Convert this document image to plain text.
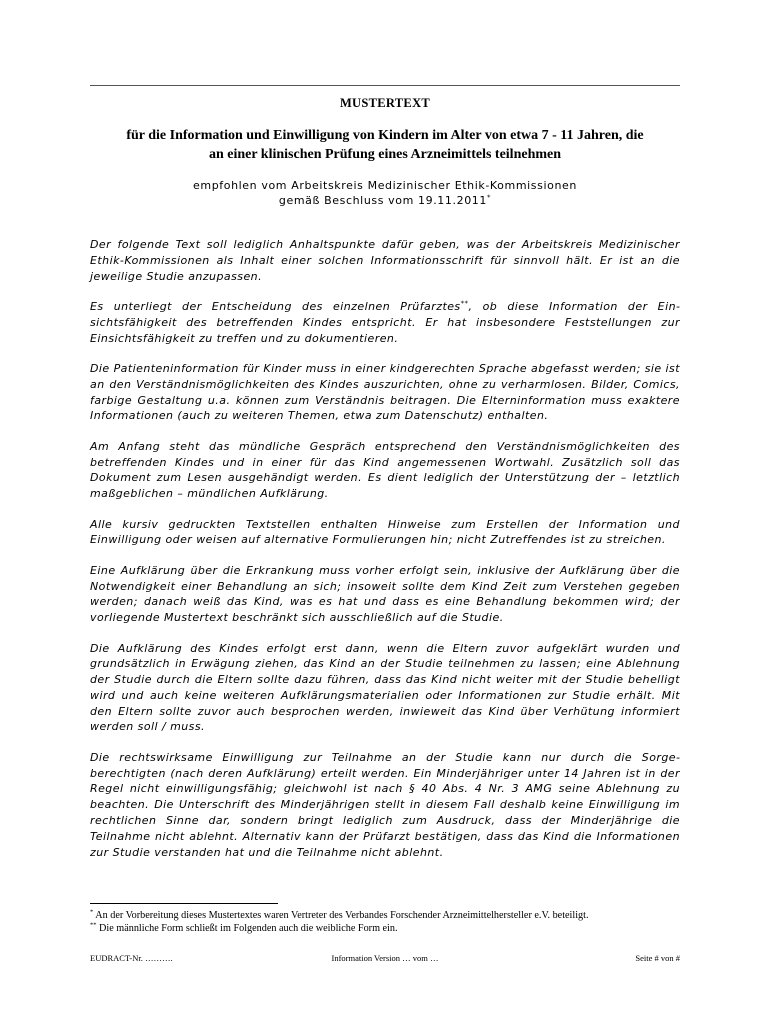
MUSTERTEXT
für die Information und Einwilligung von Kindern im Alter von etwa 7 - 11 Jahren, die
an einer klinischen Prüfung eines Arzneimittels teilnehmen
empfohlen vom Arbeitskreis Medizinischer Ethik-Kommissionen
gemäß Beschluss vom 19.11.2011*

Der folgende Text soll lediglich Anhaltspunkte dafür geben, was der Arbeitskreis Medizinischer Ethik-Kommissionen als Inhalt einer solchen Informationsschrift für sinnvoll hält. Er ist an die jeweilige Studie anzupassen.

Es unterliegt der Entscheidung des einzelnen Prüfarztes**, ob diese Information der Einsichtsfähigkeit des betreffenden Kindes entspricht. Er hat insbesondere Feststellungen zur Einsichtsfähigkeit zu treffen und zu dokumentieren.

Die Patienteninformation für Kinder muss in einer kindgerechten Sprache abgefasst werden; sie ist an den Verständnismöglichkeiten des Kindes auszurichten, ohne zu verharmlosen. Bilder, Comics, farbige Gestaltung u.a. können zum Verständnis beitragen. Die Elterninformation muss exaktere Informationen (auch zu weiteren Themen, etwa zum Datenschutz) enthalten.

Am Anfang steht das mündliche Gespräch entsprechend den Verständnismöglichkeiten des betreffenden Kindes und in einer für das Kind angemessenen Wortwahl. Zusätzlich soll das Dokument zum Lesen ausgehändigt werden. Es dient lediglich der Unterstützung der – letztlich maßgeblichen – mündlichen Aufklärung.

Alle kursiv gedruckten Textstellen enthalten Hinweise zum Erstellen der Information und Einwilligung oder weisen auf alternative Formulierungen hin; nicht Zutreffendes ist zu streichen.

Eine Aufklärung über die Erkrankung muss vorher erfolgt sein, inklusive der Aufklärung über die Notwendigkeit einer Behandlung an sich; insoweit sollte dem Kind Zeit zum Verstehen gegeben werden; danach weiß das Kind, was es hat und dass es eine Behandlung bekommen wird; der vorliegende Mustertext beschränkt sich ausschließlich auf die Studie.

Die Aufklärung des Kindes erfolgt erst dann, wenn die Eltern zuvor aufgeklärt wurden und grundsätzlich in Erwägung ziehen, das Kind an der Studie teilnehmen zu lassen; eine Ablehnung der Studie durch die Eltern sollte dazu führen, dass das Kind nicht weiter mit der Studie behelligt wird und auch keine weiteren Aufklärungsmaterialien oder Informationen zur Studie erhält. Mit den Eltern sollte zuvor auch besprochen werden, inwieweit das Kind über Verhütung informiert werden soll / muss.

Die rechtswirksame Einwilligung zur Teilnahme an der Studie kann nur durch die Sorgeberechtigten (nach deren Aufklärung) erteilt werden. Ein Minderjähriger unter 14 Jahren ist in der Regel nicht einwilligungsfähig; gleichwohl ist nach § 40 Abs. 4 Nr. 3 AMG seine Ablehnung zu beachten. Die Unterschrift des Minderjährigen stellt in diesem Fall deshalb keine Einwilligung im rechtlichen Sinne dar, sondern bringt lediglich zum Ausdruck, dass der Minderjährige die Teilnahme nicht ablehnt. Alternativ kann der Prüfarzt bestätigen, dass das Kind die Informationen zur Studie verstanden hat und die Teilnahme nicht ablehnt.

* An der Vorbereitung dieses Mustertextes waren Vertreter des Verbandes Forschender Arzneimittelhersteller e.V. beteiligt.

** Die männliche Form schließt im Folgenden auch die weibliche Form ein.

EUDRACT-Nr. ……….	Information Version … vom …	Seite # von #
